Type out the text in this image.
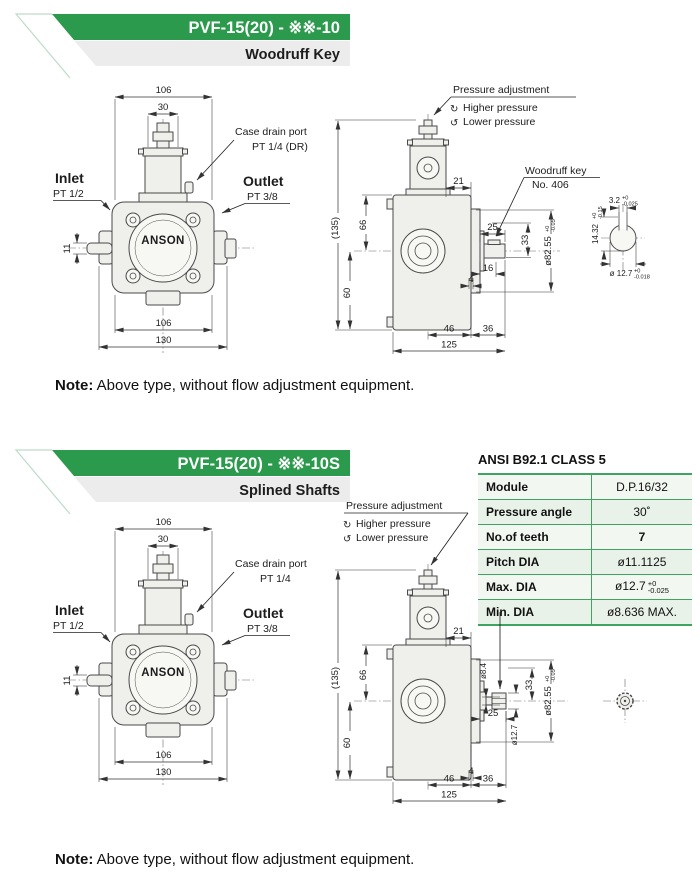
PVF-15(20) - ※※-10
Woodruff Key
ANSON
106
30
11
106
130
Inlet
PT 1/2
Outlet
PT 3/8
Case drain port
PT 1/4 (DR)
(135) 66
60
21
25
33
16
ø82.55
+0 -0.05
4
46	36
125
Pressure adjustment
↻ Higher pressure
↺ Lower pressure
Woodruff key
No. 406
3.2 +0
-0.025
14.32
+0 -0.15
ø 12.7 +0
-0.018
Note: Above type, without flow adjustment equipment.
PVF-15(20) - ※※-10S
Splined Shafts
ANSI B92.1 CLASS 5
Module	D.P.16/32
Pressure angle	30˚
No.of teeth	7
Pitch DIA	ø11.1125
Max. DIA	ø12.7 +0
-0.025

Min. DIA	ø8.636 MAX.
ANSON
106
30
11
106
130
Inlet
PT 1/2
Outlet
PT 3/8
Case drain port
PT 1/4
(135) 66
60
21
25
ø8.4
ø12.7
33
ø82.55
+0 -0.05
4
46	36
125
Pressure adjustment
↻ Higher pressure
↺ Lower pressure
Note: Above type, without flow adjustment equipment.
